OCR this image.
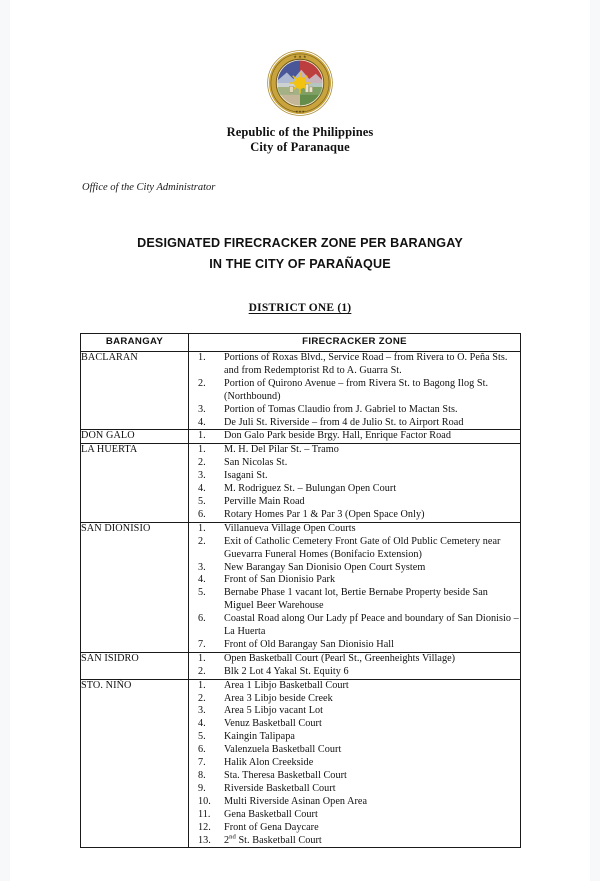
★ ★ ★
▪ ▪ ▪
Republic of the Philippines
City of Paranaque
Office of the City Administrator
DESIGNATED FIRECRACKER ZONE PER BARANGAY
IN THE CITY OF PARAÑAQUE
DISTRICT ONE (1)
BARANGAY	FIRECRACKER ZONE
BACLARAN	1.	Portions of Roxas Blvd., Service Road – from Rivera to O. Peña Sts. and from Redemptorist Rd to A. Guarra St.
2.	Portion of Quirono Avenue – from Rivera St. to Bagong Ilog St. (Northbound)
3.	Portion of Tomas Claudio from J. Gabriel to Mactan Sts.
4.	De Juli St. Riverside – from 4 de Julio St. to Airport Road

DON GALO	1.	Don Galo Park beside Brgy. Hall, Enrique Factor Road

LA HUERTA	1.	M. H. Del Pilar St. – Tramo
2.	San Nicolas St.
3.	Isagani St.
4.	M. Rodriguez St. – Bulungan Open Court
5.	Perville Main Road
6.	Rotary Homes Par 1 & Par 3 (Open Space Only)

SAN DIONISIO	1.	Villanueva Village Open Courts
2.	Exit of Catholic Cemetery Front Gate of Old Public Cemetery near Guevarra Funeral Homes (Bonifacio Extension)
3.	New Barangay San Dionisio Open Court System
4.	Front of San Dionisio Park
5.	Bernabe Phase 1 vacant lot, Bertie Bernabe Property beside San Miguel Beer Warehouse
6.	Coastal Road along Our Lady pf Peace and boundary of San Dionisio – La Huerta
7.	Front of Old Barangay San Dionisio Hall

SAN ISIDRO	1.	Open Basketball Court (Pearl St., Greenheights Village)
2.	Blk 2 Lot 4 Yakal St. Equity 6

STO. NIÑO	1.	Area 1 Libjo Basketball Court
2.	Area 3 Libjo beside Creek
3.	Area 5 Libjo vacant Lot
4.	Venuz Basketball Court
5.	Kaingin Talipapa
6.	Valenzuela Basketball Court
7.	Halik Alon Creekside
8.	Sta. Theresa Basketball Court
9.	Riverside Basketball Court
10.	Multi Riverside Asinan Open Area
11.	Gena Basketball Court
12.	Front of Gena Daycare
13.	2nd St. Basketball Court
